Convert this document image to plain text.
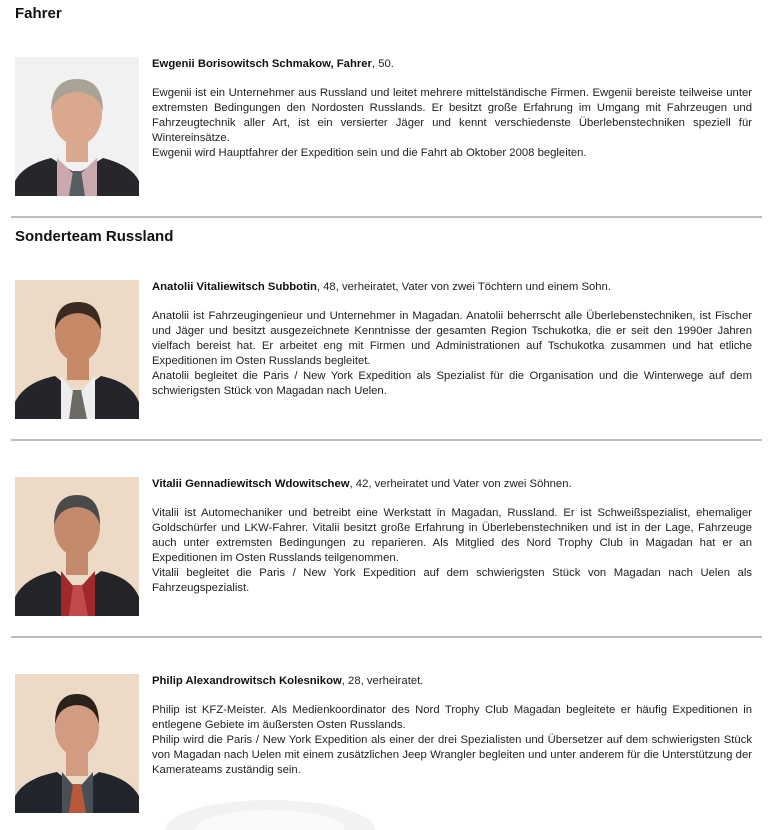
Fahrer

Ewgenii Borisowitsch Schmakow, Fahrer, 50.

Ewgenii ist ein Unternehmer aus Russland und leitet mehrere mittelständische Firmen. Ewgenii bereiste teilweise unter extremsten Bedingungen den Nordosten Russlands. Er besitzt große Erfahrung im Umgang mit Fahrzeugen und Fahrzeugtechnik aller Art, ist ein versierter Jäger und kennt verschiedenste Überlebenstechniken speziell für Wintereinsätze.
Ewgenii wird Hauptfahrer der Expedition sein und die Fahrt ab Oktober 2008 begleiten.

Sonderteam Russland

Anatolii Vitaliewitsch Subbotin, 48, verheiratet, Vater von zwei Töchtern und einem Sohn.

Anatolii ist Fahrzeugingenieur und Unternehmer in Magadan. Anatolii beherrscht alle Überlebenstechniken, ist Fischer und Jäger und besitzt ausgezeichnete Kenntnisse der gesamten Region Tschukotka, die er seit den 1990er Jahren vielfach bereist hat. Er arbeitet eng mit Firmen und Administrationen auf Tschukotka zusammen und hat etliche Expeditionen im Osten Russlands begleitet.
Anatolii begleitet die Paris / New York Expedition als Spezialist für die Organisation und die Winterwege auf dem schwierigsten Stück von Magadan nach Uelen.

Vitalii Gennadiewitsch Wdowitschew, 42, verheiratet und Vater von zwei Söhnen.

Vitalii ist Automechaniker und betreibt eine Werkstatt in Magadan, Russland. Er ist Schweißspezialist, ehemaliger Goldschürfer und LKW-Fahrer. Vitalii besitzt große Erfahrung in Überlebenstechniken und ist in der Lage, Fahrzeuge auch unter extremsten Bedingungen zu reparieren. Als Mitglied des Nord Trophy Club in Magadan hat er an Expeditionen im Osten Russlands teilgenommen.
Vitalii begleitet die Paris / New York Expedition auf dem schwierigsten Stück von Magadan nach Uelen als Fahrzeugspezialist.

Philip Alexandrowitsch Kolesnikow, 28, verheiratet.

Philip ist KFZ-Meister. Als Medienkoordinator des Nord Trophy Club Magadan begleitete er häufig Expeditionen in entlegene Gebiete im äußersten Osten Russlands.
Philip wird die Paris / New York Expedition als einer der drei Spezialisten und Übersetzer auf dem schwierigsten Stück von Magadan nach Uelen mit einem zusätzlichen Jeep Wrangler begleiten und unter anderem für die Unterstützung der Kamerateams zuständig sein.
